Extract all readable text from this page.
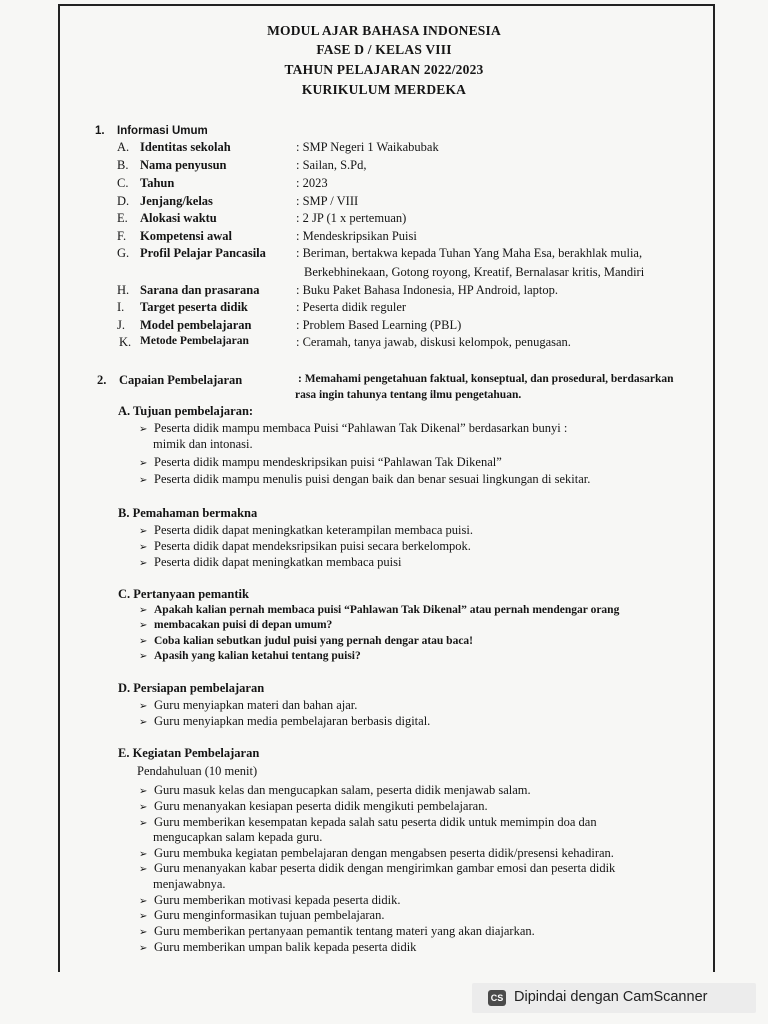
MODUL AJAR BAHASA INDONESIA
FASE D / KELAS VIII
TAHUN PELAJARAN 2022/2023
KURIKULUM MERDEKA
1. Informasi Umum
A. Identitas sekolah	: SMP Negeri 1 Waikabubak
B. Nama penyusun	: Sailan, S.Pd,
C. Tahun	: 2023
D. Jenjang/kelas	: SMP / VIII
E. Alokasi waktu	: 2 JP (1 x pertemuan)
F. Kompetensi awal	: Mendeskripsikan Puisi
G. Profil Pelajar Pancasila : Beriman, bertakwa kepada Tuhan Yang Maha Esa, berakhlak mulia,
Berkebhinekaan, Gotong royong, Kreatif, Bernalasar kritis, Mandiri
H. Sarana dan prasarana	: Buku Paket Bahasa Indonesia, HP Android, laptop.
I. Target peserta didik	: Peserta didik reguler
J. Model pembelajaran	: Problem Based Learning (PBL)
K. Metode Pembelajaran	: Ceramah, tanya jawab, diskusi kelompok, penugasan.
2. Capaian Pembelajaran	: Memahami pengetahuan faktual, konseptual, dan prosedural, berdasarkan
rasa ingin tahunya tentang ilmu pengetahuan.
A. Tujuan pembelajaran:
➢ Peserta didik mampu membaca Puisi “Pahlawan Tak Dikenal” berdasarkan bunyi :
mimik dan intonasi.
➢ Peserta didik mampu mendeskripsikan puisi “Pahlawan Tak Dikenal”
➢ Peserta didik mampu menulis puisi dengan baik dan benar sesuai lingkungan di sekitar.
B. Pemahaman bermakna
➢ Peserta didik dapat meningkatkan keterampilan membaca puisi.
➢ Peserta didik dapat mendeksripsikan puisi secara berkelompok.
➢ Peserta didik dapat meningkatkan membaca puisi
C. Pertanyaan pemantik
➢ Apakah kalian pernah membaca puisi “Pahlawan Tak Dikenal” atau pernah mendengar orang
➢ membacakan puisi di depan umum?
➢ Coba kalian sebutkan judul puisi yang pernah dengar atau baca!
➢ Apasih yang kalian ketahui tentang puisi?
D. Persiapan pembelajaran
➢ Guru menyiapkan materi dan bahan ajar.
➢ Guru menyiapkan media pembelajaran berbasis digital.
E. Kegiatan Pembelajaran
Pendahuluan (10 menit)
➢ Guru masuk kelas dan mengucapkan salam, peserta didik menjawab salam.
➢ Guru menanyakan kesiapan peserta didik mengikuti pembelajaran.
➢ Guru memberikan kesempatan kepada salah satu peserta didik untuk memimpin doa dan
mengucapkan salam kepada guru.
➢ Guru membuka kegiatan pembelajaran dengan mengabsen peserta didik/presensi kehadiran.
➢ Guru menanyakan kabar peserta didik dengan mengirimkan gambar emosi dan peserta didik
menjawabnya.
➢ Guru memberikan motivasi kepada peserta didik.
➢ Guru menginformasikan tujuan pembelajaran.
➢ Guru memberikan pertanyaan pemantik tentang materi yang akan diajarkan.
➢ Guru memberikan umpan balik kepada peserta didik
CS Dipindai dengan CamScanner
